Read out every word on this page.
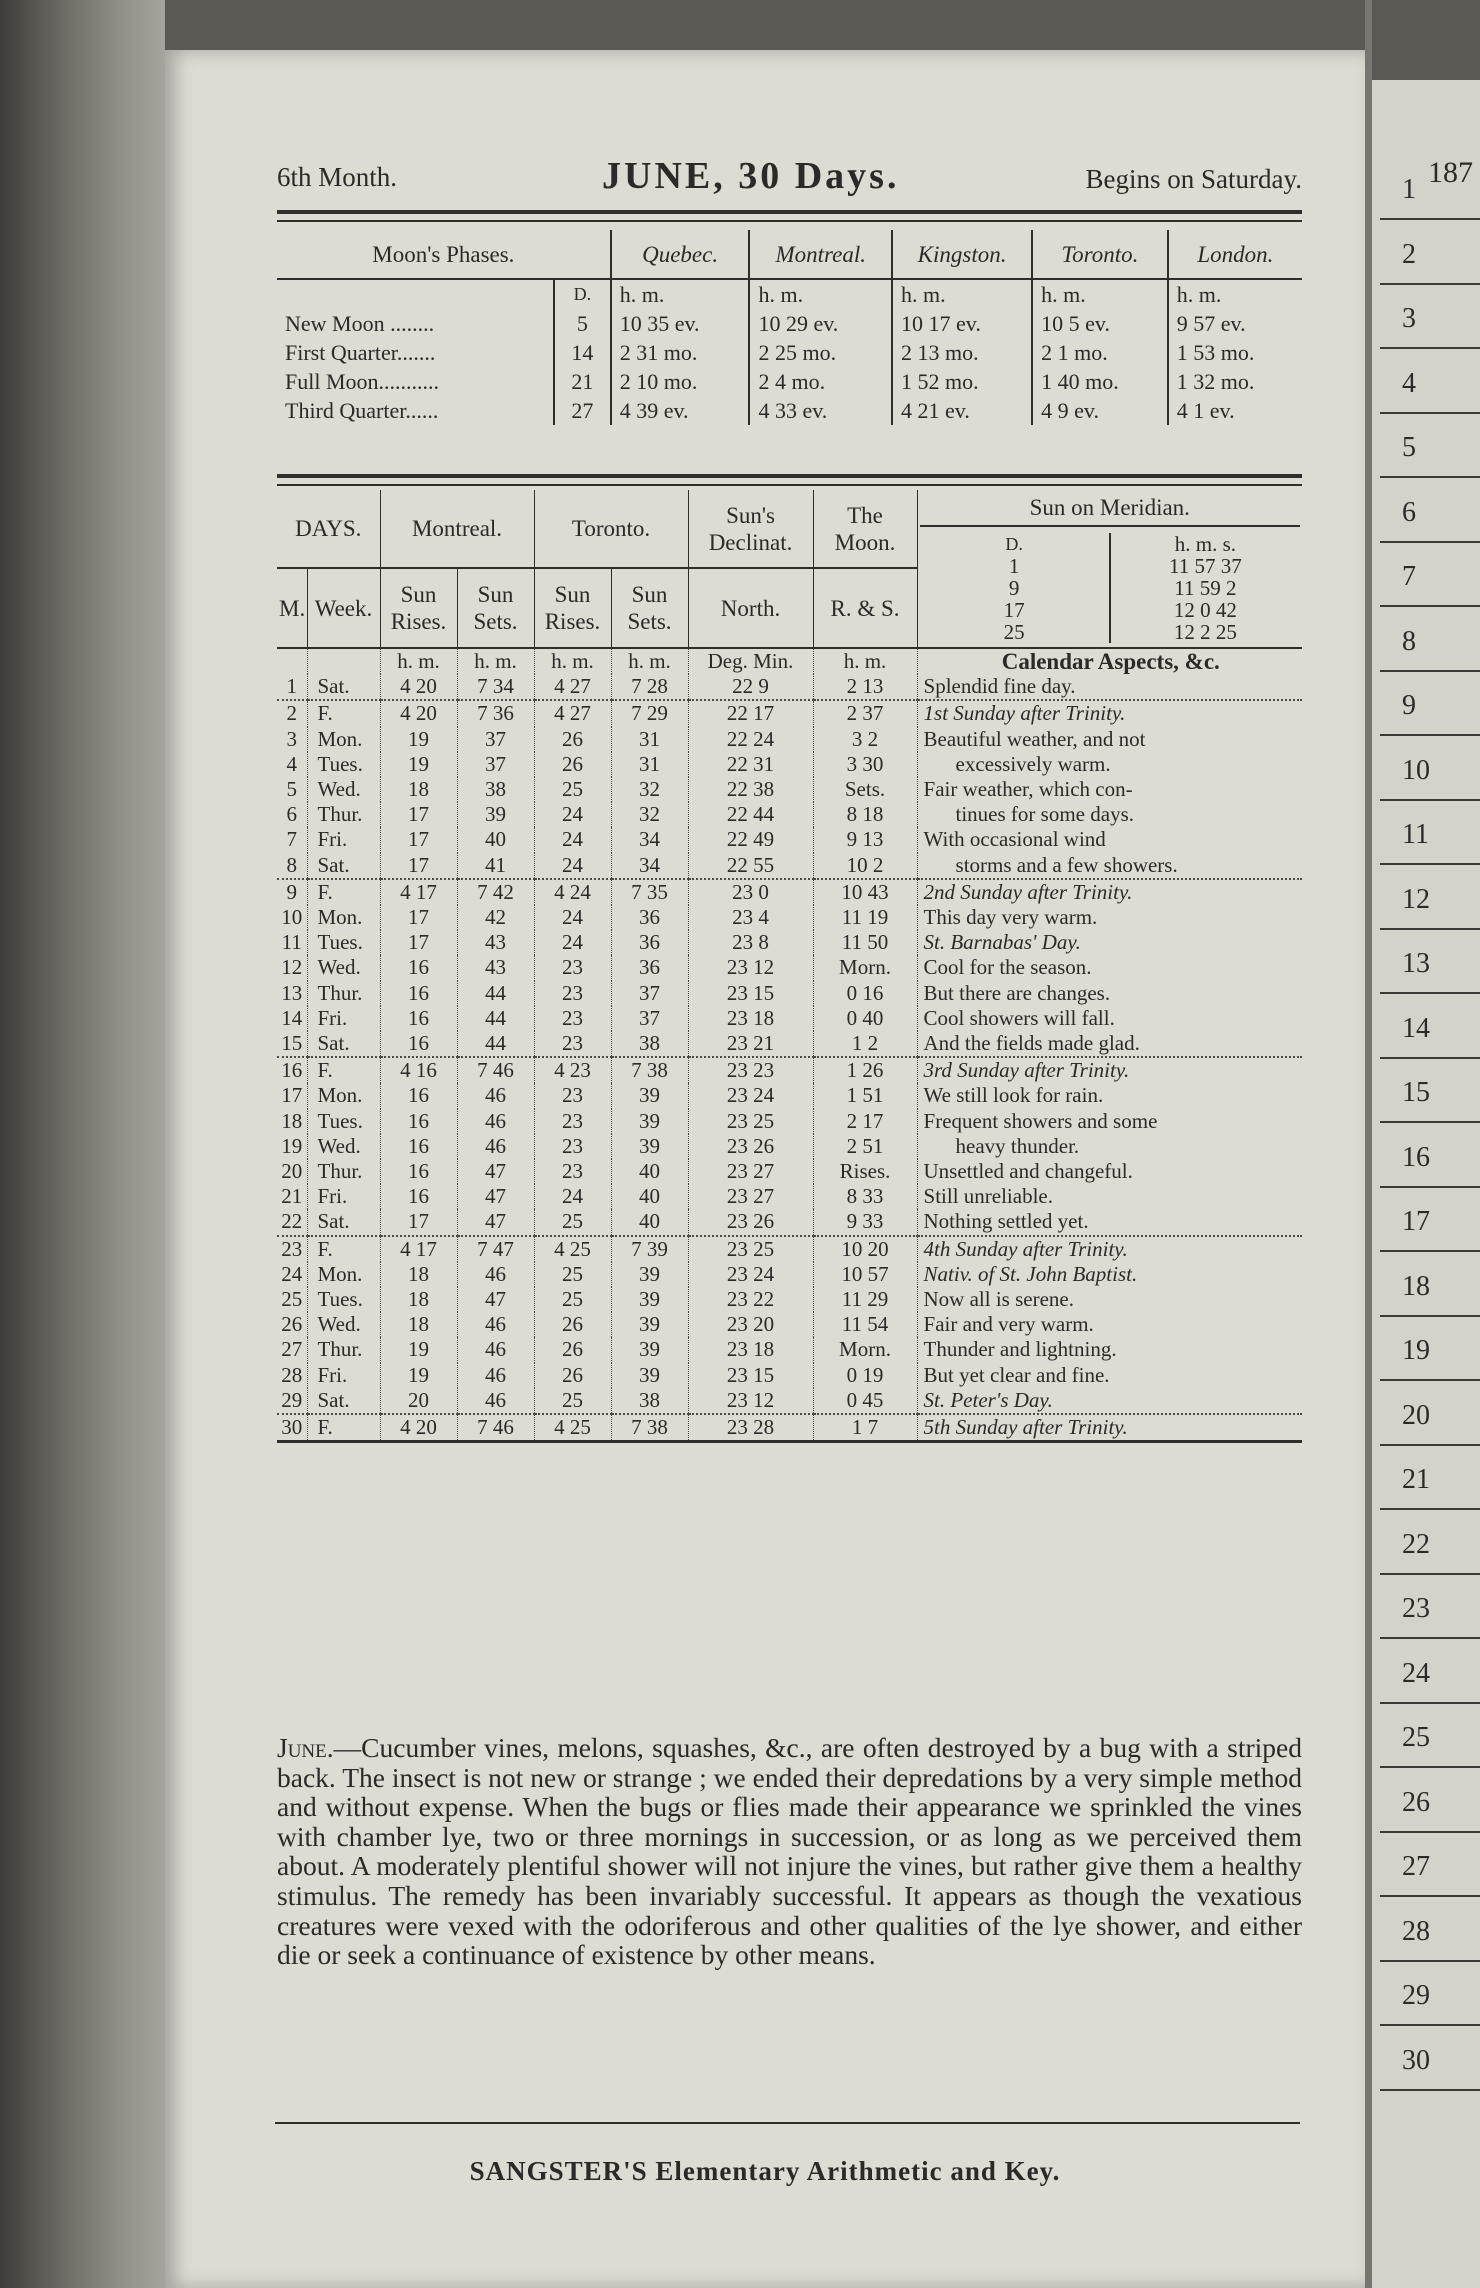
187
1
2
3
4
5
6
7
8
9
10
11
12
13
14
15
16
17
18
19
20
21
22
23
24
25
26
27
28
29
30
6th Month.	JUNE, 30 Days.	Begins on Saturday.
Moon's Phases.		Quebec.	Montreal.	Kingston.	Toronto.	London.
	D.	h. m.	h. m.	h. m.	h. m.	h. m.
New Moon ........	5	10 35 ev.	10 29 ev.	10 17 ev.	10 5 ev.	9 57 ev.
First Quarter.......	14	2 31 mo.	2 25 mo.	2 13 mo.	2 1 mo.	1 53 mo.
Full Moon...........	21	2 10 mo.	2 4 mo.	1 52 mo.	1 40 mo.	1 32 mo.
Third Quarter......	27	4 39 ev.	4 33 ev.	4 21 ev.	4 9 ev.	4 1 ev.
DAYS.	Montreal.	Toronto.	Sun's Declinat.	The Moon.	
Sun on Meridian.
D.	h. m. s.
1	11 57 37
9	11 59 2
17	12 0 42
25	12 2 25

M.	Week.	Sun Rises.	Sun Sets.	Sun Rises.	Sun Sets.	North.	R. & S.
		h. m.	h. m.	h. m.	h. m.	Deg. Min.	h. m.	Calendar Aspects, &c.
1	Sat.	4 20	7 34	4 27	7 28	22 9	2 13	Splendid fine day.
2	F.	4 20	7 36	4 27	7 29	22 17	2 37	1st Sunday after Trinity.
3	Mon.	19	37	26	31	22 24	3 2	Beautiful weather, and not
4	Tues.	19	37	26	31	22 31	3 30	excessively warm.
5	Wed.	18	38	25	32	22 38	Sets.	Fair weather, which con-
6	Thur.	17	39	24	32	22 44	8 18	tinues for some days.
7	Fri.	17	40	24	34	22 49	9 13	With occasional wind
8	Sat.	17	41	24	34	22 55	10 2	storms and a few showers.
9	F.	4 17	7 42	4 24	7 35	23 0	10 43	2nd Sunday after Trinity.
10	Mon.	17	42	24	36	23 4	11 19	This day very warm.
11	Tues.	17	43	24	36	23 8	11 50	St. Barnabas' Day.
12	Wed.	16	43	23	36	23 12	Morn.	Cool for the season.
13	Thur.	16	44	23	37	23 15	0 16	But there are changes.
14	Fri.	16	44	23	37	23 18	0 40	Cool showers will fall.
15	Sat.	16	44	23	38	23 21	1 2	And the fields made glad.
16	F.	4 16	7 46	4 23	7 38	23 23	1 26	3rd Sunday after Trinity.
17	Mon.	16	46	23	39	23 24	1 51	We still look for rain.
18	Tues.	16	46	23	39	23 25	2 17	Frequent showers and some
19	Wed.	16	46	23	39	23 26	2 51	heavy thunder.
20	Thur.	16	47	23	40	23 27	Rises.	Unsettled and changeful.
21	Fri.	16	47	24	40	23 27	8 33	Still unreliable.
22	Sat.	17	47	25	40	23 26	9 33	Nothing settled yet.
23	F.	4 17	7 47	4 25	7 39	23 25	10 20	4th Sunday after Trinity.
24	Mon.	18	46	25	39	23 24	10 57	Nativ. of St. John Baptist.
25	Tues.	18	47	25	39	23 22	11 29	Now all is serene.
26	Wed.	18	46	26	39	23 20	11 54	Fair and very warm.
27	Thur.	19	46	26	39	23 18	Morn.	Thunder and lightning.
28	Fri.	19	46	26	39	23 15	0 19	But yet clear and fine.
29	Sat.	20	46	25	38	23 12	0 45	St. Peter's Day.
30	F.	4 20	7 46	4 25	7 38	23 28	1 7	5th Sunday after Trinity.
June.—Cucumber vines, melons, squashes, &c., are often destroyed by a bug with a striped back. The insect is not new or strange ; we ended their depredations by a very simple method and without expense. When the bugs or flies made their appearance we sprinkled the vines with chamber lye, two or three mornings in succession, or as long as we perceived them about. A moderately plentiful shower will not injure the vines, but rather give them a healthy stimulus. The remedy has been invariably successful. It appears as though the vexatious creatures were vexed with the odoriferous and other qualities of the lye shower, and either die or seek a continuance of existence by other means.
SANGSTER'S Elementary Arithmetic and Key.
